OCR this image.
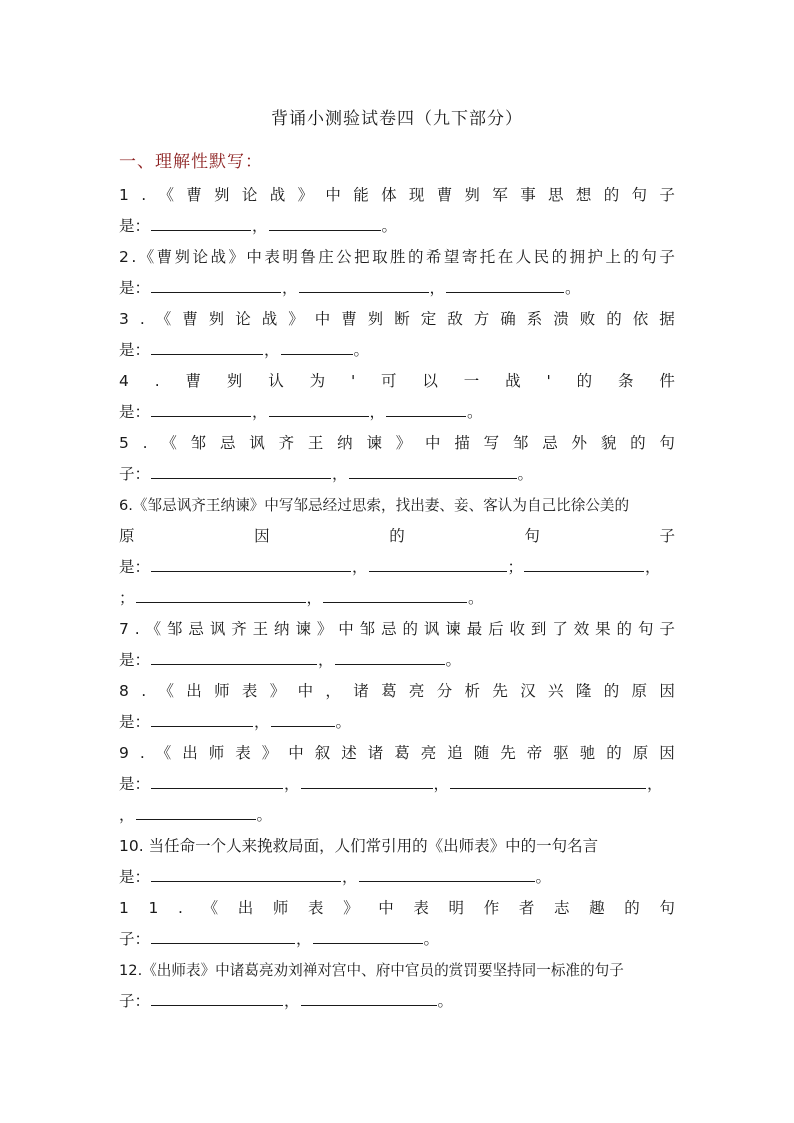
背诵小测验试卷四（九下部分）
一、理解性默写：
1 . 《 曹 刿 论 战 》 中 能 体 现 曹 刿 军 事 思 想 的 句 子
是：	，	。
2 . 《 曹 刿 论 战 》 中 表 明 鲁 庄 公 把 取 胜 的 希 望 寄 托 在 人 民 的 拥 护 上 的 句 子
是：	，	，	。
3 . 《 曹 刿 论 战 》 中 曹 刿 断 定 敌 方 确 系 溃 败 的 依 据
是：	，	。
4 . 曹 刿 认 为 ' 可 以 一 战 ' 的 条 件
是：	，	，	。
5 . 《 邹 忌 讽 齐 王 纳 谏 》 中 描 写 邹 忌 外 貌 的 句
子：	，	。
6.《邹忌讽齐王纳谏》中写邹忌经过思索，找出妻、妾、客认为自己比徐公美的
原	因	的	句	子
是：	，	；	，
；	，	。
7 . 《 邹 忌 讽 齐 王 纳 谏 》 中 邹 忌 的 讽 谏 最 后 收 到 了 效 果 的 句 子
是：	，	。
8 . 《 出 师 表 》 中 ， 诸 葛 亮 分 析 先 汉 兴 隆 的 原 因
是：	，	。
9 . 《 出 师 表 》 中 叙 述 诸 葛 亮 追 随 先 帝 驱 驰 的 原 因
是：	，	，	，
，	。
10. 当任命一个人来挽救局面，人们常引用的《出师表》中的一句名言
是：	，	。
1 1 . 《 出 师 表 》 中 表 明 作 者 志 趣 的 句
子：	，	。
12.《出师表》中诸葛亮劝刘禅对宫中、府中官员的赏罚要坚持同一标准的句子
子：	，	。
